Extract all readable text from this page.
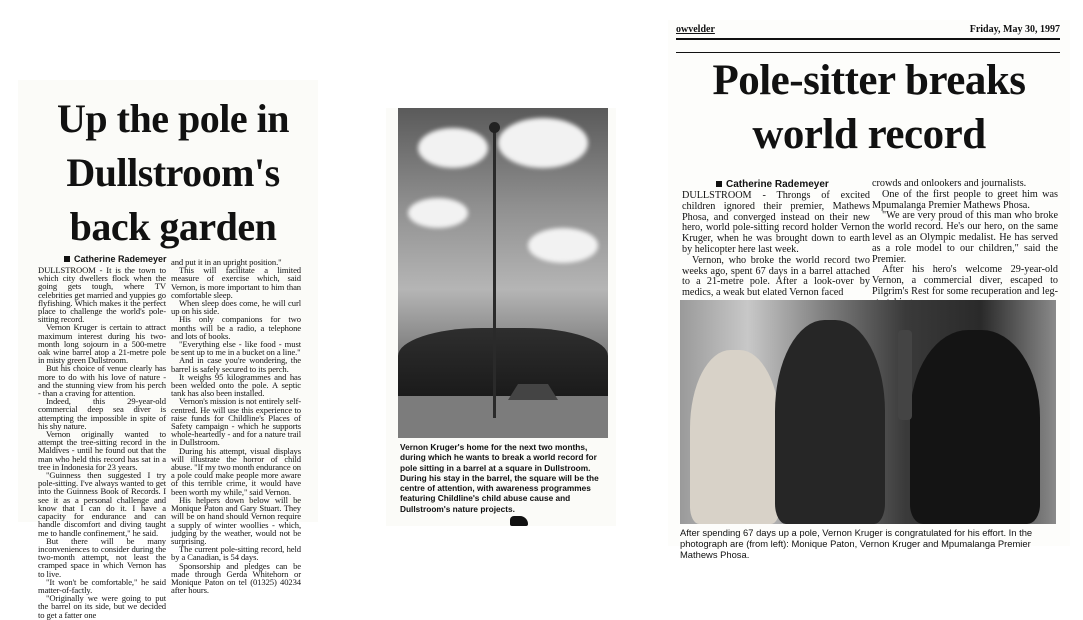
Up the pole in Dullstroom's back garden
Catherine Rademeyer

DULLSTROOM - It is the town to which city dwellers flock when the going gets tough, where TV celebrities get married and yuppies go flyfishing. Which makes it the perfect place to challenge the world's pole-sitting record.

Vernon Kruger is certain to attract maximum interest during his two-month long sojourn in a 500-metre oak wine barrel atop a 21-metre pole in misty green Dullstroom.

But his choice of venue clearly has more to do with his love of nature - and the stunning view from his perch - than a craving for attention.

Indeed, this 29-year-old commercial deep sea diver is attempting the impossible in spite of his shy nature.

Vernon originally wanted to attempt the tree-sitting record in the Maldives - until he found out that the man who held this record has sat in a tree in Indonesia for 23 years.

"Guinness then suggested I try pole-sitting. I've always wanted to get into the Guinness Book of Records. I see it as a personal challenge and know that I can do it. I have a capacity for endurance and can handle discomfort and diving taught me to handle confinement," he said.

But there will be many inconveniences to consider during the two-month attempt, not least the cramped space in which Vernon has to live.

"It won't be comfortable," he said matter-of-factly.

"Originally we were going to put the barrel on its side, but we decided to get a fatter one

and put it in an upright position."

This will facilitate a limited measure of exercise which, said Vernon, is more important to him than comfortable sleep.

When sleep does come, he will curl up on his side.

His only companions for two months will be a radio, a telephone and lots of books.

"Everything else - like food - must be sent up to me in a bucket on a line."

And in case you're wondering, the barrel is safely secured to its perch.

It weighs 95 kilogrammes and has been welded onto the pole. A septic tank has also been installed.

Vernon's mission is not entirely self-centred. He will use this experience to raise funds for Childline's Places of Safety campaign - which he supports whole-heartedly - and for a nature trail in Dullstroom.

During his attempt, visual displays will illustrate the horror of child abuse. "If my two month endurance on a pole could make people more aware of this terrible crime, it would have been worth my while," said Vernon.

His helpers down below will be Monique Paton and Gary Stuart. They will be on hand should Vernon require a supply of winter woollies - which, judging by the weather, would not be surprising.

The current pole-sitting record, held by a Canadian, is 54 days.

Sponsorship and pledges can be made through Gerda Whitehorn or Monique Paton on tel (01325) 40234 after hours.

Vernon Kruger's home for the next two months, during which he wants to break a world record for pole sitting in a barrel at a square in Dullstroom. During his stay in the barrel, the square will be the centre of attention, with awareness programmes featuring Childline's child abuse cause and Dullstroom's nature projects.
owvelder	Friday, May 30, 1997
Pole-sitter breaks world record
Catherine Rademeyer

DULLSTROOM - Throngs of excited children ignored their premier, Mathews Phosa, and converged instead on their new hero, world pole-sitting record holder Vernon Kruger, when he was brought down to earth by helicopter here last week.

Vernon, who broke the world record two weeks ago, spent 67 days in a barrel attached to a 21-metre pole. After a look-over by medics, a weak but elated Vernon faced

crowds and onlookers and journalists.

One of the first people to greet him was Mpumalanga Premier Mathews Phosa.

"We are very proud of this man who broke the world record. He's our hero, on the same level as an Olympic medalist. He has served as a role model to our children," said the Premier.

After his hero's welcome 29-year-old Vernon, a commercial diver, escaped to Pilgrim's Rest for some recuperation and leg-

After spending 67 days up a pole, Vernon Kruger is congratulated for his effort. In the photograph are (from left): Monique Paton, Vernon Kruger and Mpumalanga Premier Mathews Phosa.
